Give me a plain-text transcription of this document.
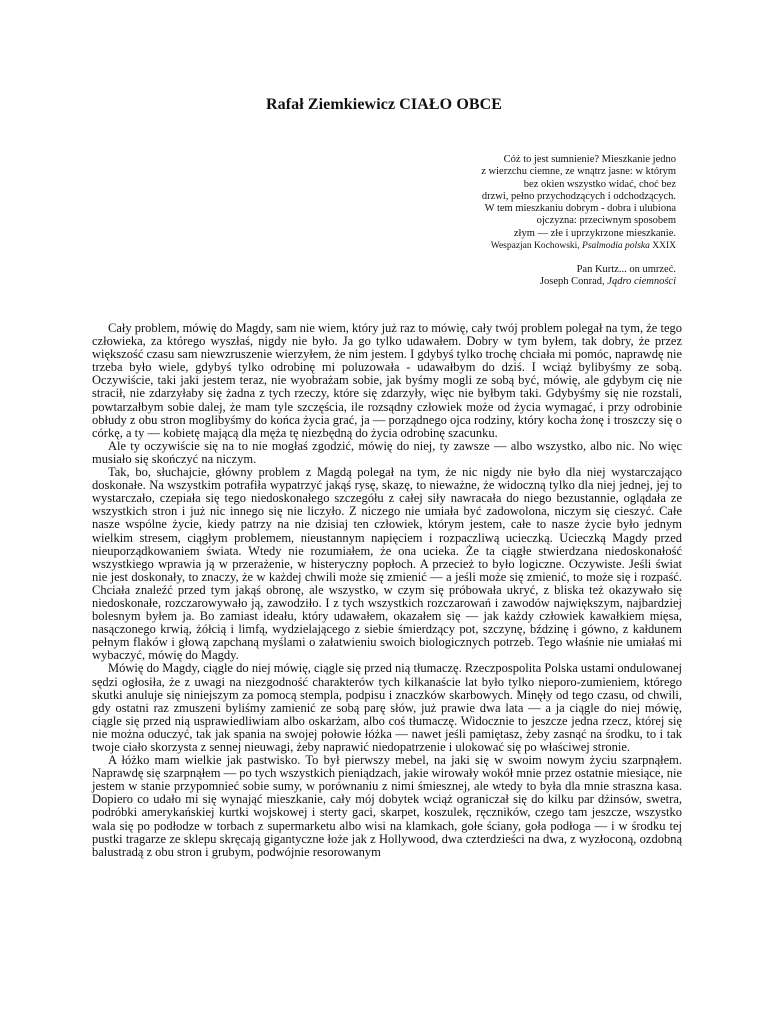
Rafał Ziemkiewicz CIAŁO OBCE
Cóż to jest sumnienie? Mieszkanie jedno
z wierzchu ciemne, ze wnątrz jasne: w którym
bez okien wszystko widać, choć bez
drzwi, pełno przychodzących i odchodzących.
W tem mieszkaniu dobrym - dobra i ulubiona
ojczyzna: przeciwnym sposobem
złym — złe i uprzykrzone mieszkanie.
Wespazjan Kochowski, Psalmodia polska XXIX
Pan Kurtz... on umrzeć.
Joseph Conrad, Jądro ciemności

Cały problem, mówię do Magdy, sam nie wiem, który już raz to mówię, cały twój problem polegał na tym, że tego człowieka, za którego wyszłaś, nigdy nie było. Ja go tylko udawałem. Dobry w tym byłem, tak dobry, że przez większość czasu sam niewzruszenie wierzyłem, że nim jestem. I gdybyś tylko trochę chciała mi pomóc, naprawdę nie trzeba było wiele, gdybyś tylko odrobinę mi poluzowała - udawałbym do dziś. I wciąż bylibyśmy ze sobą. Oczywiście, taki jaki jestem teraz, nie wyobrażam sobie, jak byśmy mogli ze sobą być, mówię, ale gdybym cię nie stracił, nie zdarzyłaby się żadna z tych rzeczy, które się zdarzyły, więc nie byłbym taki. Gdybyśmy się nie rozstali, powtarzałbym sobie dalej, że mam tyle szczęścia, ile rozsądny człowiek może od życia wymagać, i przy odrobinie obłudy z obu stron moglibyśmy do końca życia grać, ja — porządnego ojca rodziny, który kocha żonę i troszczy się o córkę, a ty — kobietę mającą dla męża tę niezbędną do życia odrobinę szacunku.

Ale ty oczywiście się na to nie mogłaś zgodzić, mówię do niej, ty zawsze — albo wszystko, albo nic. No więc musiało się skończyć na niczym.

Tak, bo, słuchajcie, główny problem z Magdą polegał na tym, że nic nigdy nie było dla niej wystarczająco doskonałe. Na wszystkim potrafiła wypatrzyć jakąś rysę, skazę, to nieważne, że widoczną tylko dla niej jednej, jej to wystarczało, czepiała się tego niedoskonałego szczegółu z całej siły nawracała do niego bezustannie, oglądała ze wszystkich stron i już nic innego się nie liczyło. Z niczego nie umiała być zadowolona, niczym się cieszyć. Całe nasze wspólne życie, kiedy patrzy na nie dzisiaj ten człowiek, którym jestem, całe to nasze życie było jednym wielkim stresem, ciągłym problemem, nieustannym napięciem i rozpaczliwą ucieczką. Ucieczką Magdy przed nieuporządkowaniem świata. Wtedy nie rozumiałem, że ona ucieka. Że ta ciągłe stwierdzana niedoskonałość wszystkiego wprawia ją w przerażenie, w histeryczny popłoch. A przecież to było logiczne. Oczywiste. Jeśli świat nie jest doskonały, to znaczy, że w każdej chwili może się zmienić — a jeśli może się zmienić, to może się i rozpaść. Chciała znaleźć przed tym jakąś obronę, ale wszystko, w czym się próbowała ukryć, z bliska też okazywało się niedoskonałe, rozczarowywało ją, zawodziło. I z tych wszystkich rozczarowań i zawodów największym, najbardziej bolesnym byłem ja. Bo zamiast ideału, który udawałem, okazałem się — jak każdy człowiek kawałkiem mięsa, nasączonego krwią, żółcią i limfą, wydzielającego z siebie śmierdzący pot, szczynę, bździnę i gówno, z kałdunem pełnym flaków i głową zapchaną myślami o załatwieniu swoich biologicznych potrzeb. Tego właśnie nie umiałaś mi wybaczyć, mówię do Magdy.

Mówię do Magdy, ciągle do niej mówię, ciągle się przed nią tłumaczę. Rzeczpospolita Polska ustami ondulowanej sędzi ogłosiła, że z uwagi na niezgodność charakterów tych kilkanaście lat było tylko nieporo-zumieniem, którego skutki anuluje się niniejszym za pomocą stempla, podpisu i znaczków skarbowych. Minęły od tego czasu, od chwili, gdy ostatni raz zmuszeni byliśmy zamienić ze sobą parę słów, już prawie dwa lata — a ja ciągle do niej mówię, ciągle się przed nią usprawiedliwiam albo oskarżam, albo coś tłumaczę. Widocznie to jeszcze jedna rzecz, której się nie można oduczyć, tak jak spania na swojej połowie łóżka — nawet jeśli pamiętasz, żeby zasnąć na środku, to i tak twoje ciało skorzysta z sennej nieuwagi, żeby naprawić niedopatrzenie i ulokować się po właściwej stronie.

A łóżko mam wielkie jak pastwisko. To był pierwszy mebel, na jaki się w swoim nowym życiu szarpnąłem. Naprawdę się szarpnąłem — po tych wszystkich pieniądzach, jakie wirowały wokół mnie przez ostatnie miesiące, nie jestem w stanie przypomnieć sobie sumy, w porównaniu z nimi śmiesznej, ale wtedy to była dla mnie straszna kasa. Dopiero co udało mi się wynająć mieszkanie, cały mój dobytek wciąż ograniczał się do kilku par dżinsów, swetra, podróbki amerykańskiej kurtki wojskowej i sterty gaci, skarpet, koszulek, ręczników, czego tam jeszcze, wszystko wala się po podłodze w torbach z supermarketu albo wisi na klamkach, gołe ściany, goła podłoga — i w środku tej pustki tragarze ze sklepu skręcają gigantyczne łoże jak z Hollywood, dwa czterdzieści na dwa, z wyzłoconą, ozdobną balustradą z obu stron i grubym, podwójnie resorowanym
